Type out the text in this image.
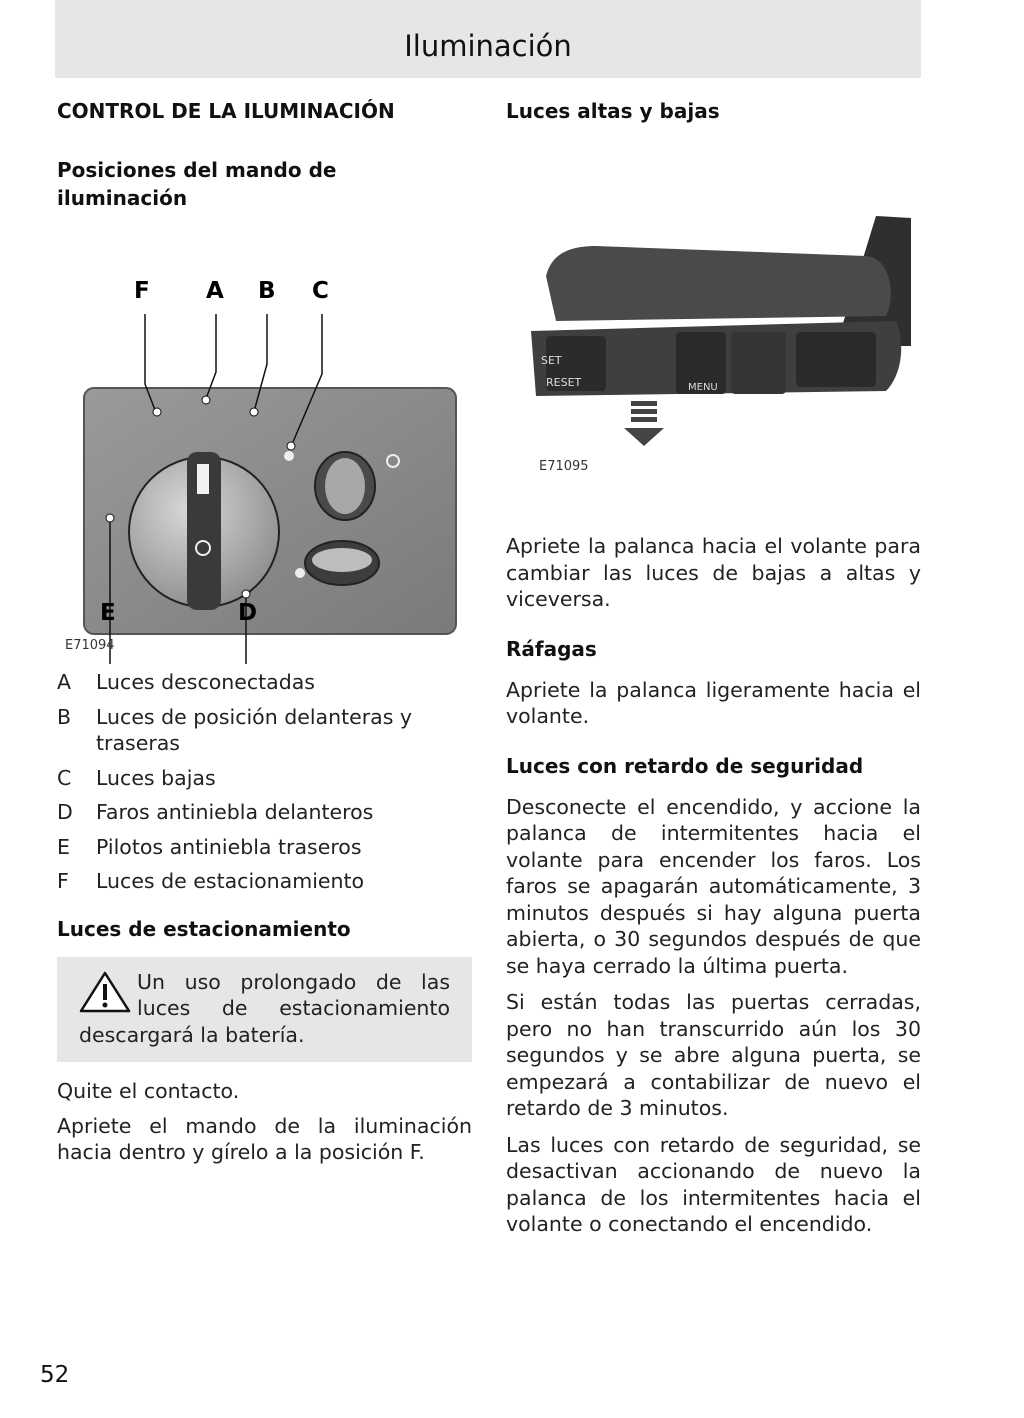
Iluminación
CONTROL DE LA ILUMINACIÓN
Posiciones del mando de iluminación
F A B C
E	D
E71094
A	Luces desconectadas
B	Luces de posición delanteras y traseras
C	Luces bajas
D	Faros antiniebla delanteros
E	Pilotos antiniebla traseros
F	Luces de estacionamiento
Luces de estacionamiento

Un uso prolongado de las luces de estacionamiento descargará la batería.

Quite el contacto.

Apriete el mando de la iluminación hacia dentro y gírelo a la posición F.

Luces altas y bajas
SET
RESET	MENU
E71095

Apriete la palanca hacia el volante para cambiar las luces de bajas a altas y viceversa.

Ráfagas

Apriete la palanca ligeramente hacia el volante.

Luces con retardo de seguridad

Desconecte el encendido, y accione la palanca de intermitentes hacia el volante para encender los faros. Los faros se apagarán automáticamente, 3 minutos después si hay alguna puerta abierta, o 30 segundos después de que se haya cerrado la última puerta.

Si están todas las puertas cerradas, pero no han transcurrido aún los 30 segundos y se abre alguna puerta, se empezará a contabilizar de nuevo el retardo de 3 minutos.

Las luces con retardo de seguridad, se desactivan accionando de nuevo la palanca de los intermitentes hacia el volante o conectando el encendido.

52
